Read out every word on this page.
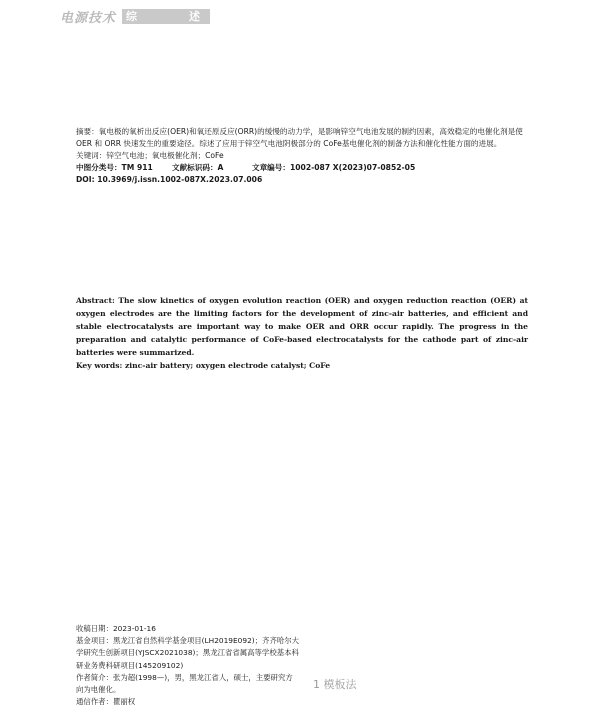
电源技术 综	述

摘要：氧电极的氧析出反应(OER)和氧还原反应(ORR)的缓慢的动力学，是影响锌空气电池发展的制约因素，高效稳定的电催化剂是使 OER 和 ORR 快速发生的重要途径。综述了应用于锌空气电池阴极部分的 CoFe基电催化剂的制备方法和催化性能方面的进展。

关键词：锌空气电池；氧电极催化剂；CoFe

中图分类号：TM 911	文献标识码：A	文章编号：1002-087 X(2023)07-0852-05

DOI: 10.3969/j.issn.1002-087X.2023.07.006

Abstract: The slow kinetics of oxygen evolution reaction (OER) and oxygen reduction reaction (OER) at oxygen electrodes are the limiting factors for the development of zinc-air batteries, and efficient and stable electrocatalysts are important way to make OER and ORR occur rapidly. The progress in the preparation and catalytic performance of CoFe-based electrocatalysts for the cathode part of zinc-air batteries were summarized.

Key words: zinc-air battery; oxygen electrode catalyst; CoFe

收稿日期：2023-01-16

基金项目：黑龙江省自然科学基金项目(LH2019E092)；齐齐哈尔大学研究生创新项目(YJSCX2021038)；黑龙江省省属高等学校基本科研业务费科研项目(145209102)

作者简介：张为超(1998—)，男，黑龙江省人，硕士，主要研究方向为电催化。

通信作者：瞿丽权

1 模板法
